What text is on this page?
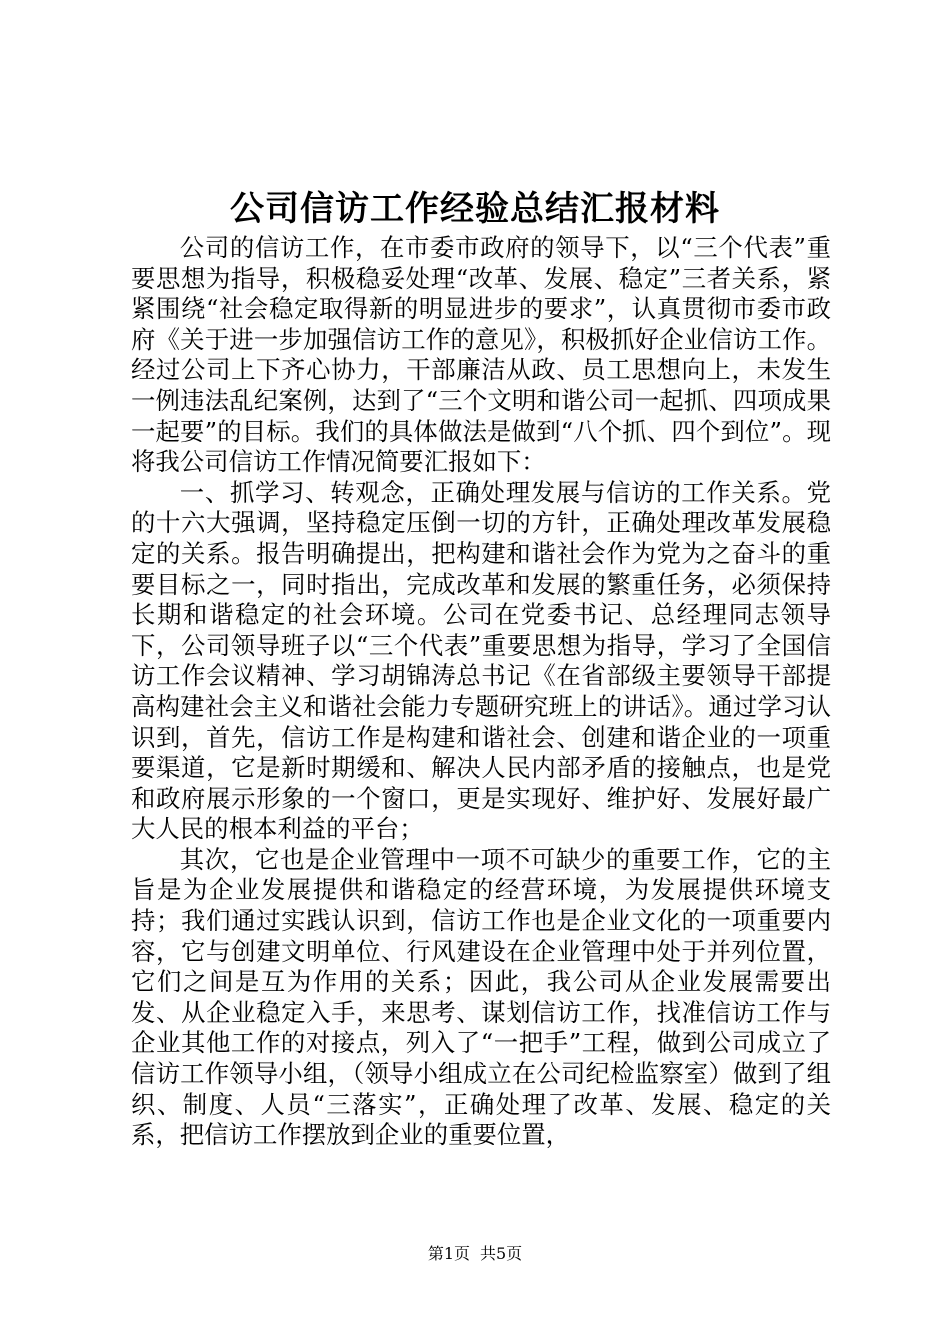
公司信访工作经验总结汇报材料

公司的信访工作，在市委市政府的领导下，以“三个代表”重要思想为指导，积极稳妥处理“改革、发展、稳定”三者关系，紧紧围绕“社会稳定取得新的明显进步的要求”，认真贯彻市委市政府《关于进一步加强信访工作的意见》，积极抓好企业信访工作。经过公司上下齐心协力，干部廉洁从政、员工思想向上，未发生一例违法乱纪案例，达到了“三个文明和谐公司一起抓、四项成果一起要”的目标。我们的具体做法是做到“八个抓、四个到位”。现将我公司信访工作情况简要汇报如下：

一、抓学习、转观念，正确处理发展与信访的工作关系。党的十六大强调，坚持稳定压倒一切的方针，正确处理改革发展稳定的关系。报告明确提出，把构建和谐社会作为党为之奋斗的重要目标之一，同时指出，完成改革和发展的繁重任务，必须保持长期和谐稳定的社会环境。公司在党委书记、总经理同志领导下，公司领导班子以“三个代表”重要思想为指导，学习了全国信访工作会议精神、学习胡锦涛总书记《在省部级主要领导干部提高构建社会主义和谐社会能力专题研究班上的讲话》。通过学习认识到，首先，信访工作是构建和谐社会、创建和谐企业的一项重要渠道，它是新时期缓和、解决人民内部矛盾的接触点，也是党和政府展示形象的一个窗口，更是实现好、维护好、发展好最广大人民的根本利益的平台；

其次，它也是企业管理中一项不可缺少的重要工作，它的主旨是为企业发展提供和谐稳定的经营环境，为发展提供环境支持；我们通过实践认识到，信访工作也是企业文化的一项重要内容，它与创建文明单位、行风建设在企业管理中处于并列位置，它们之间是互为作用的关系；因此，我公司从企业发展需要出发、从企业稳定入手，来思考、谋划信访工作，找准信访工作与企业其他工作的对接点，列入了“一把手”工程，做到公司成立了信访工作领导小组，（领导小组成立在公司纪检监察室）做到了组织、制度、人员“三落实”，正确处理了改革、发展、稳定的关系，把信访工作摆放到企业的重要位置，

第1页 共5页
